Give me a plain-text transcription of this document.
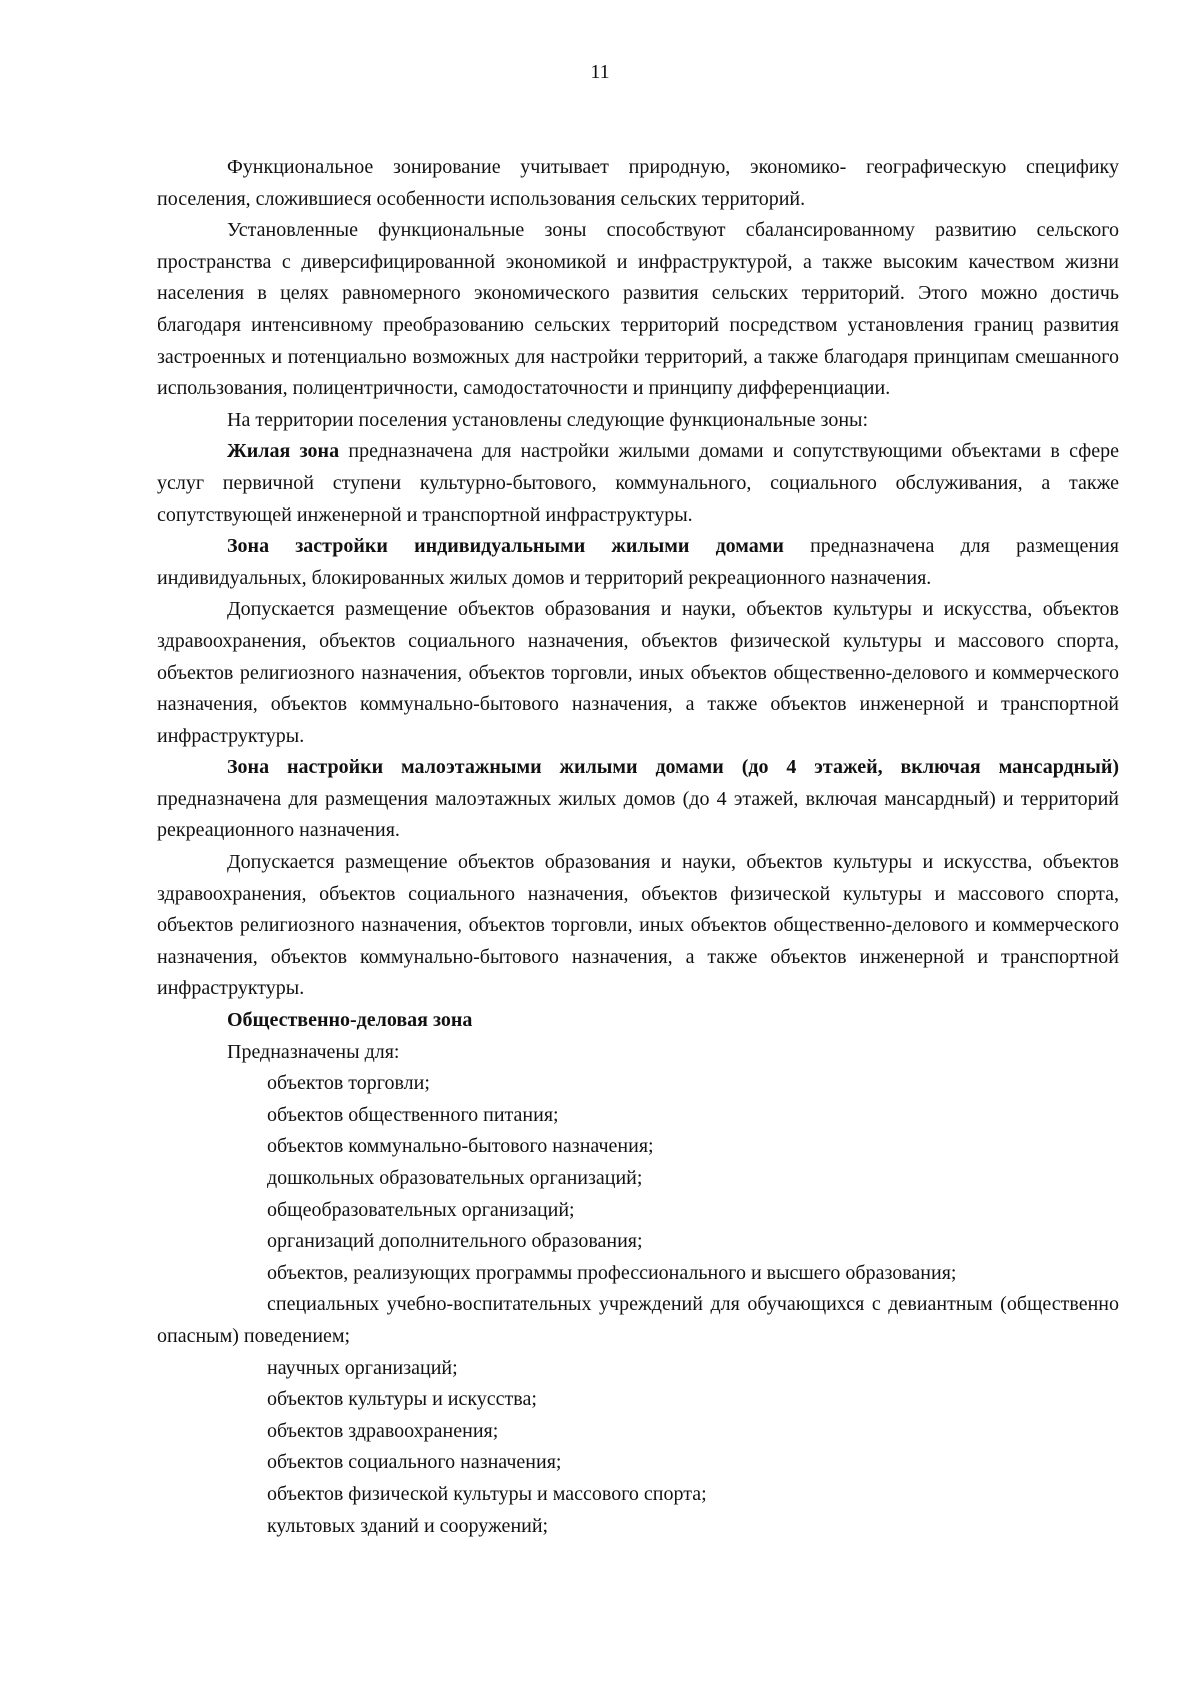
11

Функциональное зонирование учитывает природную, экономико- географическую специфику поселения, сложившиеся особенности использования сельских территорий.

Установленные функциональные зоны способствуют сбалансированному развитию сельского пространства с диверсифицированной экономикой и инфраструктурой, а также высоким качеством жизни населения в целях равномерного экономического развития сельских территорий. Этого можно достичь благодаря интенсивному преобразованию сельских территорий посредством установления границ развития застроенных и потенциально возможных для настройки территорий, а также благодаря принципам смешанного использования, полицентричности, самодостаточности и принципу дифференциации.

На территории поселения установлены следующие функциональные зоны:

Жилая зона предназначена для настройки жилыми домами и сопутствующими объектами в сфере услуг первичной ступени культурно-бытового, коммунального, социального обслуживания, а также сопутствующей инженерной и транспортной инфраструктуры.

Зона застройки индивидуальными жилыми домами предназначена для размещения индивидуальных, блокированных жилых домов и территорий рекреационного назначения.

Допускается размещение объектов образования и науки, объектов культуры и искусства, объектов здравоохранения, объектов социального назначения, объектов физической культуры и массового спорта, объектов религиозного назначения, объектов торговли, иных объектов общественно-делового и коммерческого назначения, объектов коммунально-бытового назначения, а также объектов инженерной и транспортной инфраструктуры.

Зона настройки малоэтажными жилыми домами (до 4 этажей, включая мансардный) предназначена для размещения малоэтажных жилых домов (до 4 этажей, включая мансардный) и территорий рекреационного назначения.

Допускается размещение объектов образования и науки, объектов культуры и искусства, объектов здравоохранения, объектов социального назначения, объектов физической культуры и массового спорта, объектов религиозного назначения, объектов торговли, иных объектов общественно-делового и коммерческого назначения, объектов коммунально-бытового назначения, а также объектов инженерной и транспортной инфраструктуры.

Общественно-деловая зона

Предназначены для:

объектов торговли;
объектов общественного питания;
объектов коммунально-бытового назначения;
дошкольных образовательных организаций;
общеобразовательных организаций;
организаций дополнительного образования;
объектов, реализующих программы профессионального и высшего образования;
специальных учебно-воспитательных учреждений для обучающихся с девиантным (общественно опасным) поведением;
научных организаций;
объектов культуры и искусства;
объектов здравоохранения;
объектов социального назначения;
объектов физической культуры и массового спорта;
культовых зданий и сооружений;
